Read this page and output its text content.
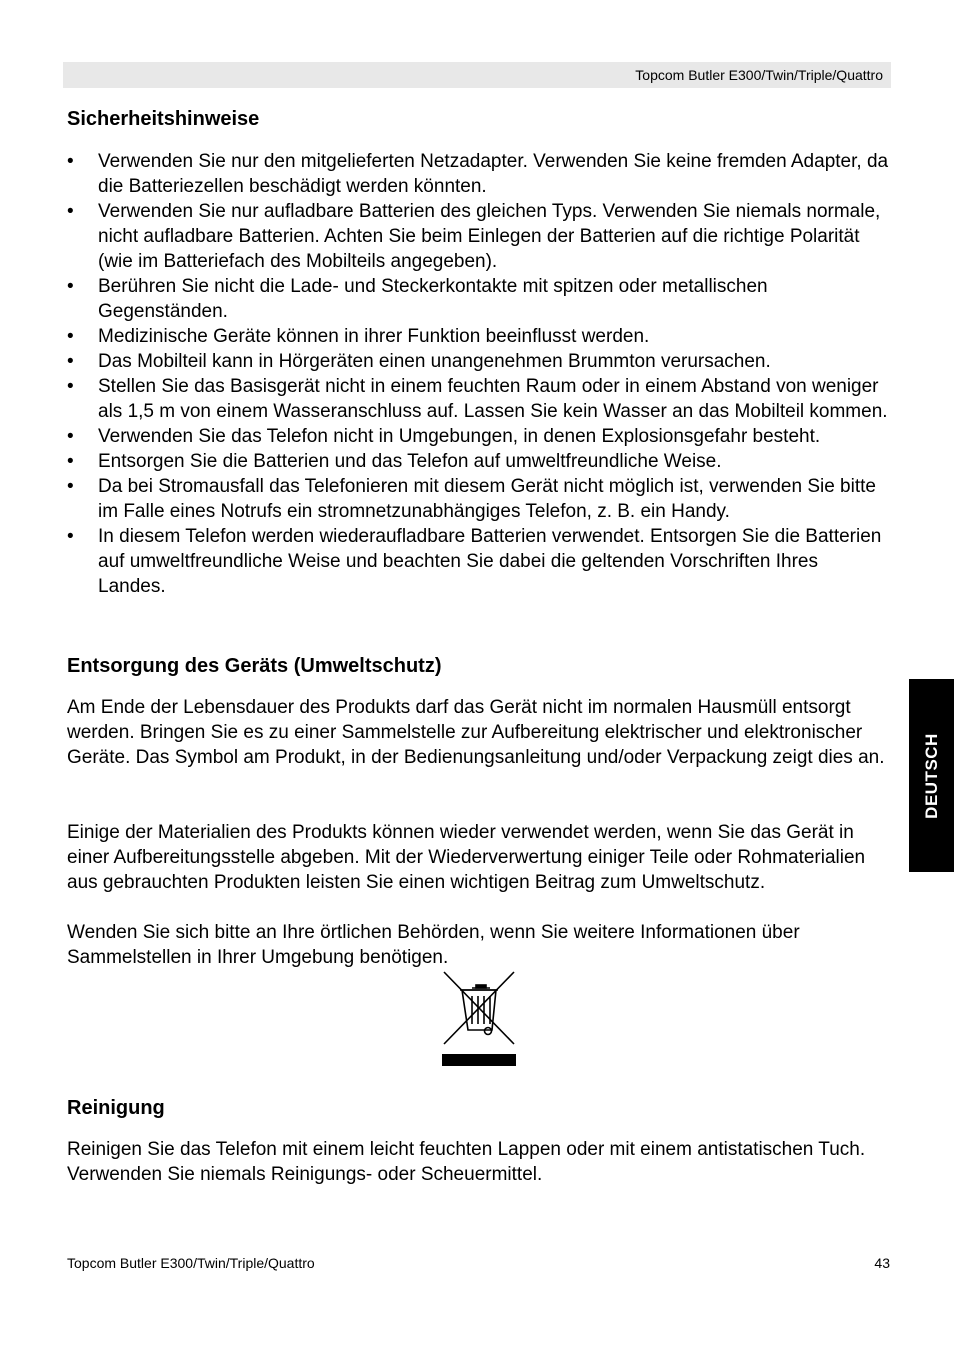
Topcom Butler E300/Twin/Triple/Quattro
Sicherheitshinweise
• Verwenden Sie nur den mitgelieferten Netzadapter. Verwenden Sie keine fremden Adapter, da die Batteriezellen beschädigt werden könnten.
• Verwenden Sie nur aufladbare Batterien des gleichen Typs. Verwenden Sie niemals normale, nicht aufladbare Batterien. Achten Sie beim Einlegen der Batterien auf die richtige Polarität (wie im Batteriefach des Mobilteils angegeben).
• Berühren Sie nicht die Lade- und Steckerkontakte mit spitzen oder metallischen Gegenständen.
• Medizinische Geräte können in ihrer Funktion beeinflusst werden.
• Das Mobilteil kann in Hörgeräten einen unangenehmen Brummton verursachen.
• Stellen Sie das Basisgerät nicht in einem feuchten Raum oder in einem Abstand von weniger als 1,5 m von einem Wasseranschluss auf. Lassen Sie kein Wasser an das Mobilteil kommen.
• Verwenden Sie das Telefon nicht in Umgebungen, in denen Explosionsgefahr besteht.
• Entsorgen Sie die Batterien und das Telefon auf umweltfreundliche Weise.
• Da bei Stromausfall das Telefonieren mit diesem Gerät nicht möglich ist, verwenden Sie bitte im Falle eines Notrufs ein stromnetzunabhängiges Telefon, z. B. ein Handy.
• In diesem Telefon werden wiederaufladbare Batterien verwendet. Entsorgen Sie die Batterien auf umweltfreundliche Weise und beachten Sie dabei die geltenden Vorschriften Ihres Landes.
Entsorgung des Geräts (Umweltschutz)

Am Ende der Lebensdauer des Produkts darf das Gerät nicht im normalen Hausmüll entsorgt werden. Bringen Sie es zu einer Sammelstelle zur Aufbereitung elektrischer und elektronischer Geräte. Das Symbol am Produkt, in der Bedienungsanleitung und/oder Verpackung zeigt dies an.

Einige der Materialien des Produkts können wieder verwendet werden, wenn Sie das Gerät in einer Aufbereitungsstelle abgeben. Mit der Wiederverwertung einiger Teile oder Rohmaterialien aus gebrauchten Produkten leisten Sie einen wichtigen Beitrag zum Umweltschutz.

Wenden Sie sich bitte an Ihre örtlichen Behörden, wenn Sie weitere Informationen über Sammelstellen in Ihrer Umgebung benötigen.

Reinigung

Reinigen Sie das Telefon mit einem leicht feuchten Lappen oder mit einem antistatischen Tuch. Verwenden Sie niemals Reinigungs- oder Scheuermittel.

DEUTSCH
Topcom Butler E300/Twin/Triple/Quattro	43
